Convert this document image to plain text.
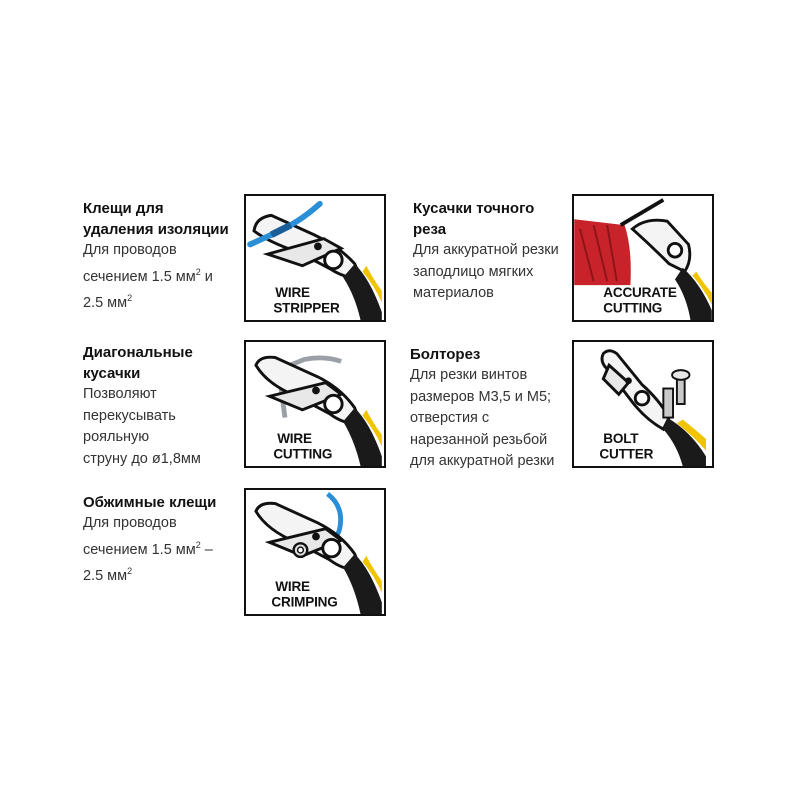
Клещи для
удаления изоляции
Для проводов
сечением 1.5 $мм^2$ и
2.5 $мм^2$	WIRE
STRIPPER
Кусачки точного
реза
Для аккуратной резки
заподлицо мягких
материалов	ACCURATE
CUTTING
Диагональные
кусачки
Позволяют
перекусывать рояльную
струну до ø1,8мм
WIRE
CUTTING
Болторез
Для резки винтов
размеров М3,5 и М5;
отверстия с
нарезанной резьбой
для аккуратной резки
BOLT
CUTTER
Обжимные клещи
Для проводов
сечением 1.5 $мм^2$ –
2.5 $мм^2$
WIRE
CRIMPING
